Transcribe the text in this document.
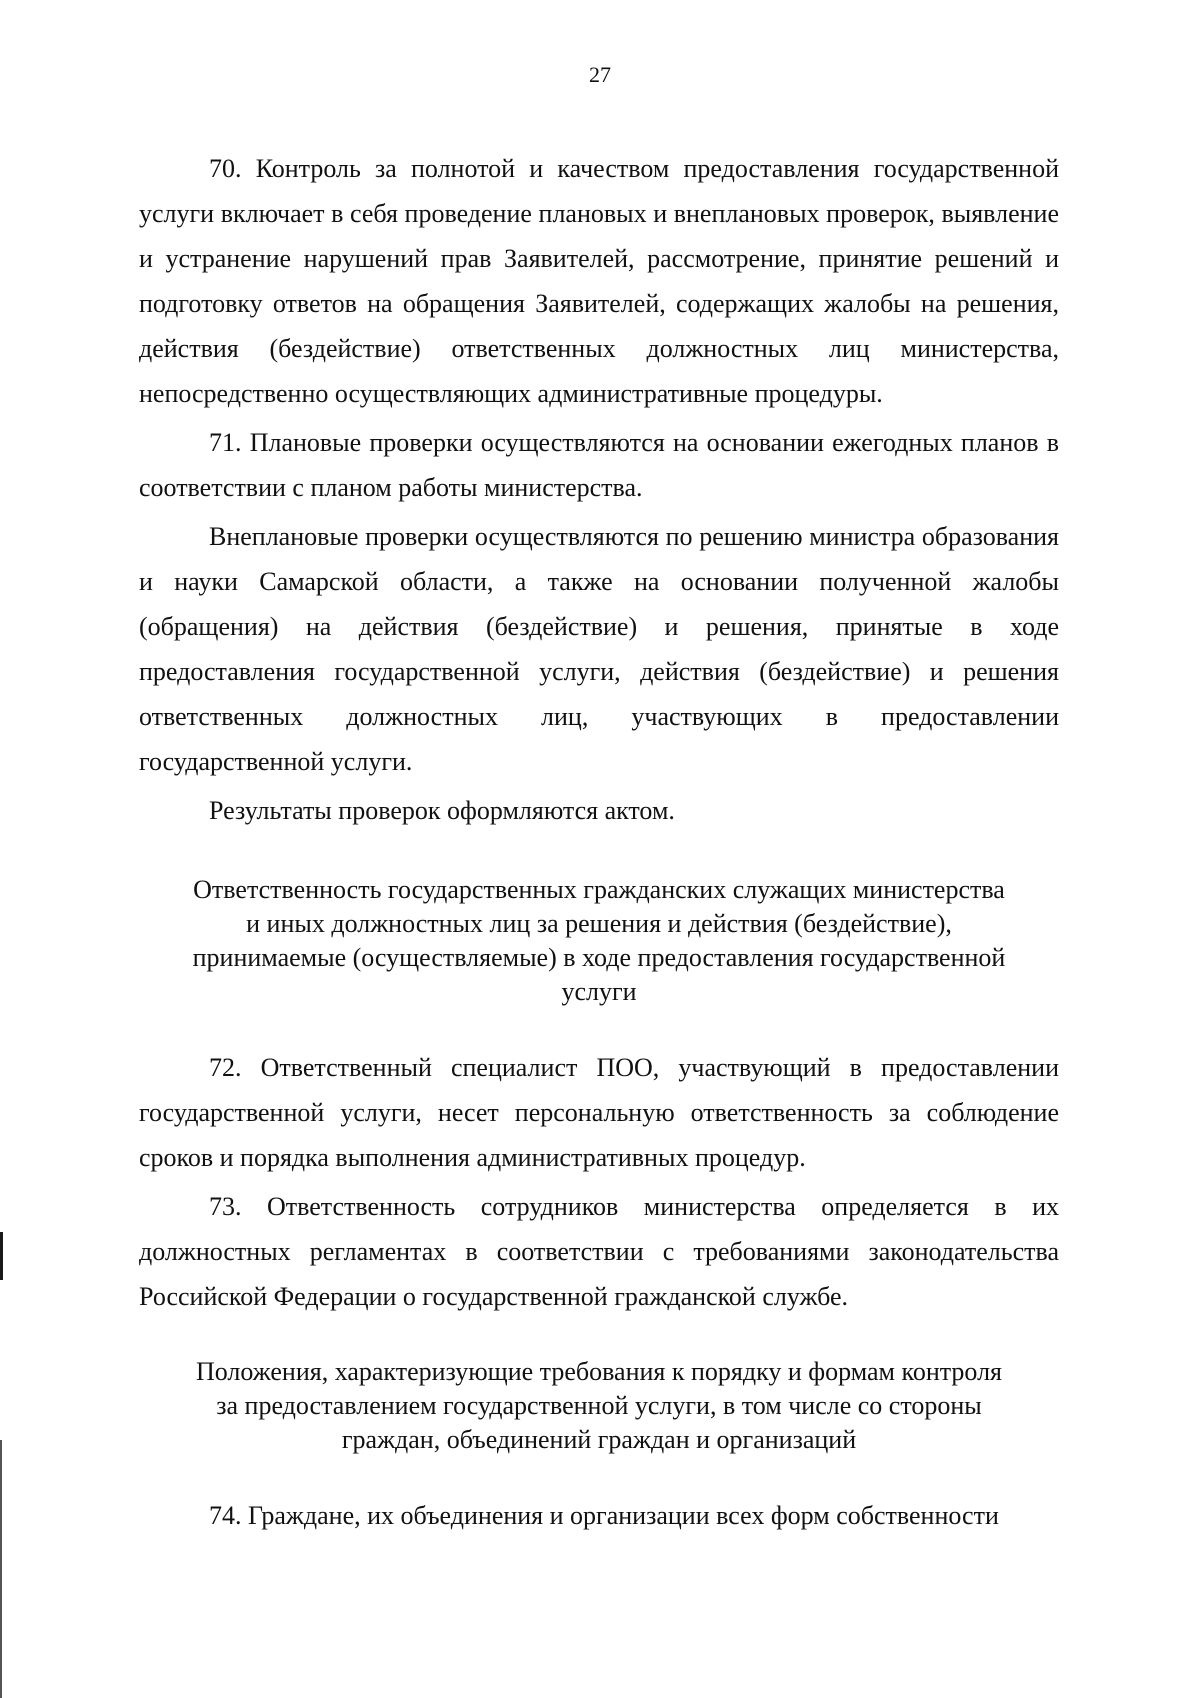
27

70. Контроль за полнотой и качеством предоставления государственной услуги включает в себя проведение плановых и внеплановых проверок, выявление и устранение нарушений прав Заявителей, рассмотрение, принятие решений и подготовку ответов на обращения Заявителей, содержащих жалобы на решения, действия (бездействие) ответственных должностных лиц министерства, непосредственно осуществляющих административные процедуры.

71. Плановые проверки осуществляются на основании ежегодных планов в соответствии с планом работы министерства.

Внеплановые проверки осуществляются по решению министра образования и науки Самарской области, а также на основании полученной жалобы (обращения) на действия (бездействие) и решения, принятые в ходе предоставления государственной услуги, действия (бездействие) и решения ответственных должностных лиц, участвующих в предоставлении государственной услуги.

Результаты проверок оформляются актом.

Ответственность государственных гражданских служащих министерства

и иных должностных лиц за решения и действия (бездействие),

принимаемые (осуществляемые) в ходе предоставления государственной

услуги

72. Ответственный специалист ПОО, участвующий в предоставлении государственной услуги, несет персональную ответственность за соблюдение сроков и порядка выполнения административных процедур.

73. Ответственность сотрудников министерства определяется в их должностных регламентах в соответствии с требованиями законодательства Российской Федерации о государственной гражданской службе.

Положения, характеризующие требования к порядку и формам контроля

за предоставлением государственной услуги, в том числе со стороны

граждан, объединений граждан и организаций

74. Граждане, их объединения и организации всех форм собственности
